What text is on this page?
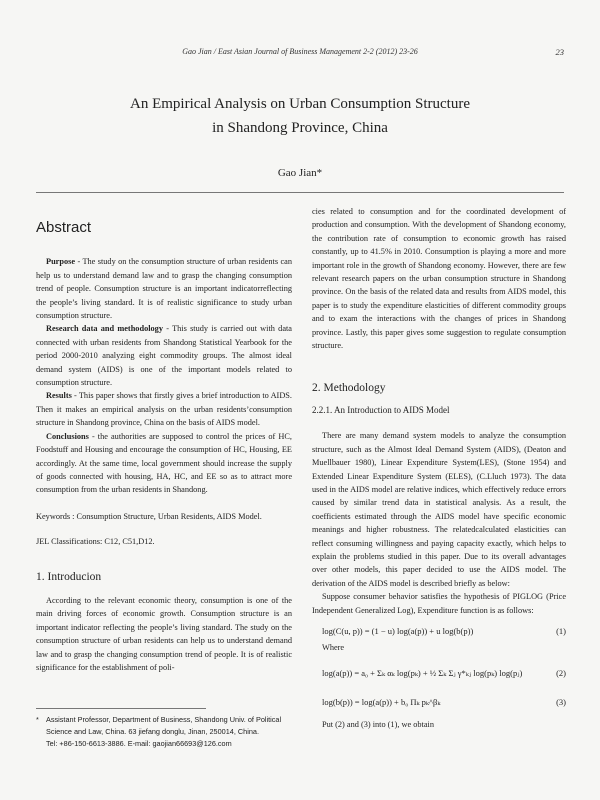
Gao Jian / East Asian Journal of Business Management 2-2 (2012) 23-26	23
An Empirical Analysis on Urban Consumption Structure
in Shandong Province, China
Gao Jian*
Abstract

Purpose - The study on the consumption structure of urban residents can help us to understand demand law and to grasp the changing consumption trend of people. Consumption structure is an important indicatorreflecting the people’s living standard. It is of realistic significance to study urban consumption structure.

Research data and methodology - This study is carried out with data connected with urban residents from Shandong Statistical Yearbook for the period 2000-2010 analyzing eight commodity groups. The almost ideal demand system (AIDS) is one of the important models related to consumption structure.

Results - This paper shows that firstly gives a brief introduction to AIDS. Then it makes an empirical analysis on the urban residents’consumption structure in Shandong province, China on the basis of AIDS model.

Conclusions - the authorities are supposed to control the prices of HC, Foodstuff and Housing and encourage the consumption of HC, Housing, EE accordingly. At the same time, local government should increase the supply of goods connected with housing, HA, HC, and EE so as to attract more consumption from the urban residents in Shandong.

Keywords : Consumption Structure, Urban Residents, AIDS Model.

JEL Classifications: C12, C51,D12.

1. Introducion

According to the relevant economic theory, consumption is one of the main driving forces of economic growth. Consumption structure is an important indicator reflecting the people’s living standard. The study on the consumption structure of urban residents can help us to understand demand law and to grasp the changing consumption trend of people. It is of realistic significance for the establishment of poli-

cies related to consumption and for the coordinated development of production and consumption. With the development of Shandong economy, the contribution rate of consumption to economic growth has raised constantly, up to 41.5% in 2010. Consumption is playing a more and more important role in the growth of Shandong economy. However, there are few relevant research papers on the urban consumption structure in Shandong province. On the basis of the related data and results from AIDS model, this paper is to study the expenditure elasticities of different commodity groups and to exam the interactions with the changes of prices in Shandong province. Lastly, this paper gives some suggestion to regulate consumption structure.

2. Methodology

2.2.1. An Introduction to AIDS Model

There are many demand system models to analyze the consumption structure, such as the Almost Ideal Demand System (AIDS), (Deaton and Muellbauer 1980), Linear Expenditure System(LES), (Stone 1954) and Extended Linear Expenditure System (ELES), (C.Lluch 1973). The data used in the AIDS model are relative indices, which effectively reduce errors caused by similar trend data in statistical analysis. As a result, the coefficients estimated through the AIDS model have specific economic meanings and higher robustness. The relatedcalculated elasticities can reflect consuming willingness and paying capacity exactly, which helps to explain the problems studied in this paper. Due to its overall advantages over other models, this paper decided to use the AIDS model. The derivation of the AIDS model is described briefly as below:

Suppose consumer behavior satisfies the hypothesis of PIGLOG (Price Independent Generalized Log), Expenditure function is as follows:

log(C(u, p)) = (1 − u) log(a(p)) + u log(b(p))	(1)

Where

log(a(p)) = a₀ + Σₖ αₖ log(pₖ) + ½ Σₖ Σⱼ γ*ₖⱼ log(pₖ) log(pⱼ)	(2)
log(b(p)) = log(a(p)) + b₀ Πₖ pₖ^βₖ	(3)

Put (2) and (3) into (1), we obtain

* Assistant Professor, Department of Business, Shandong Univ. of Political Science and Law, China. 63 jiefang donglu, Jinan, 250014, China.
Tel: +86-150-6613-3886. E-mail: gaojian66693@126.com
